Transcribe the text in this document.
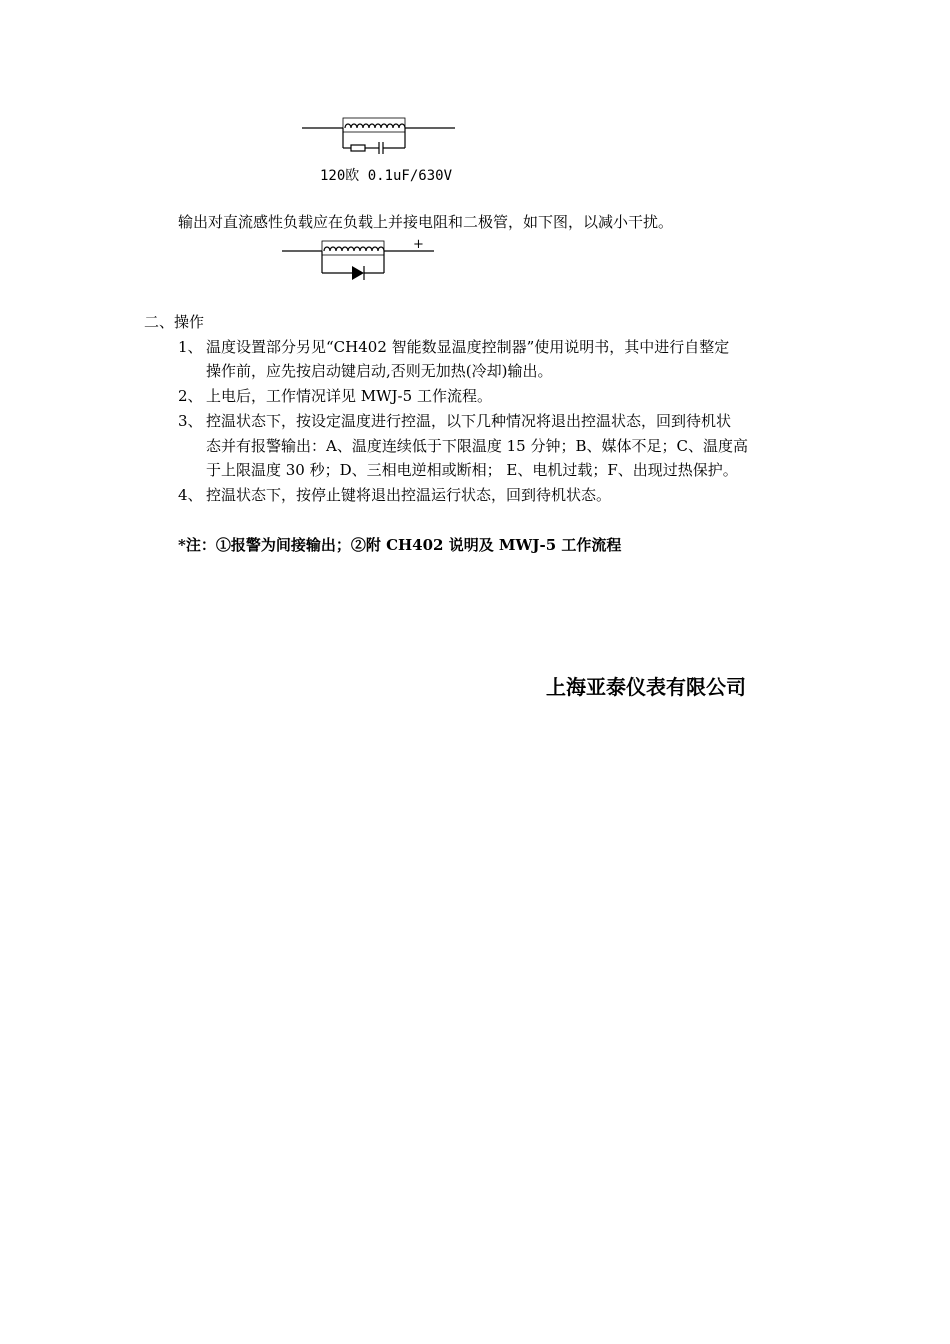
120欧 0.1uF/630V
输出对直流感性负载应在负载上并接电阻和二极管，如下图，以减小干扰。
+
二、操作
1、 温度设置部分另见“CH402 智能数显温度控制器”使用说明书，其中进行自整定
操作前，应先按启动键启动,否则无加热(冷却)输出。
2、 上电后，工作情况详见 MWJ-5 工作流程。
3、 控温状态下，按设定温度进行控温，以下几种情况将退出控温状态，回到待机状
态并有报警输出：A、温度连续低于下限温度 15 分钟；B、媒体不足；C、温度高
于上限温度 30 秒；D、三相电逆相或断相； E、电机过载；F、出现过热保护。
4、 控温状态下，按停止键将退出控温运行状态，回到待机状态。
*注：①报警为间接输出；②附 CH402 说明及 MWJ-5 工作流程
上海亚泰仪表有限公司
